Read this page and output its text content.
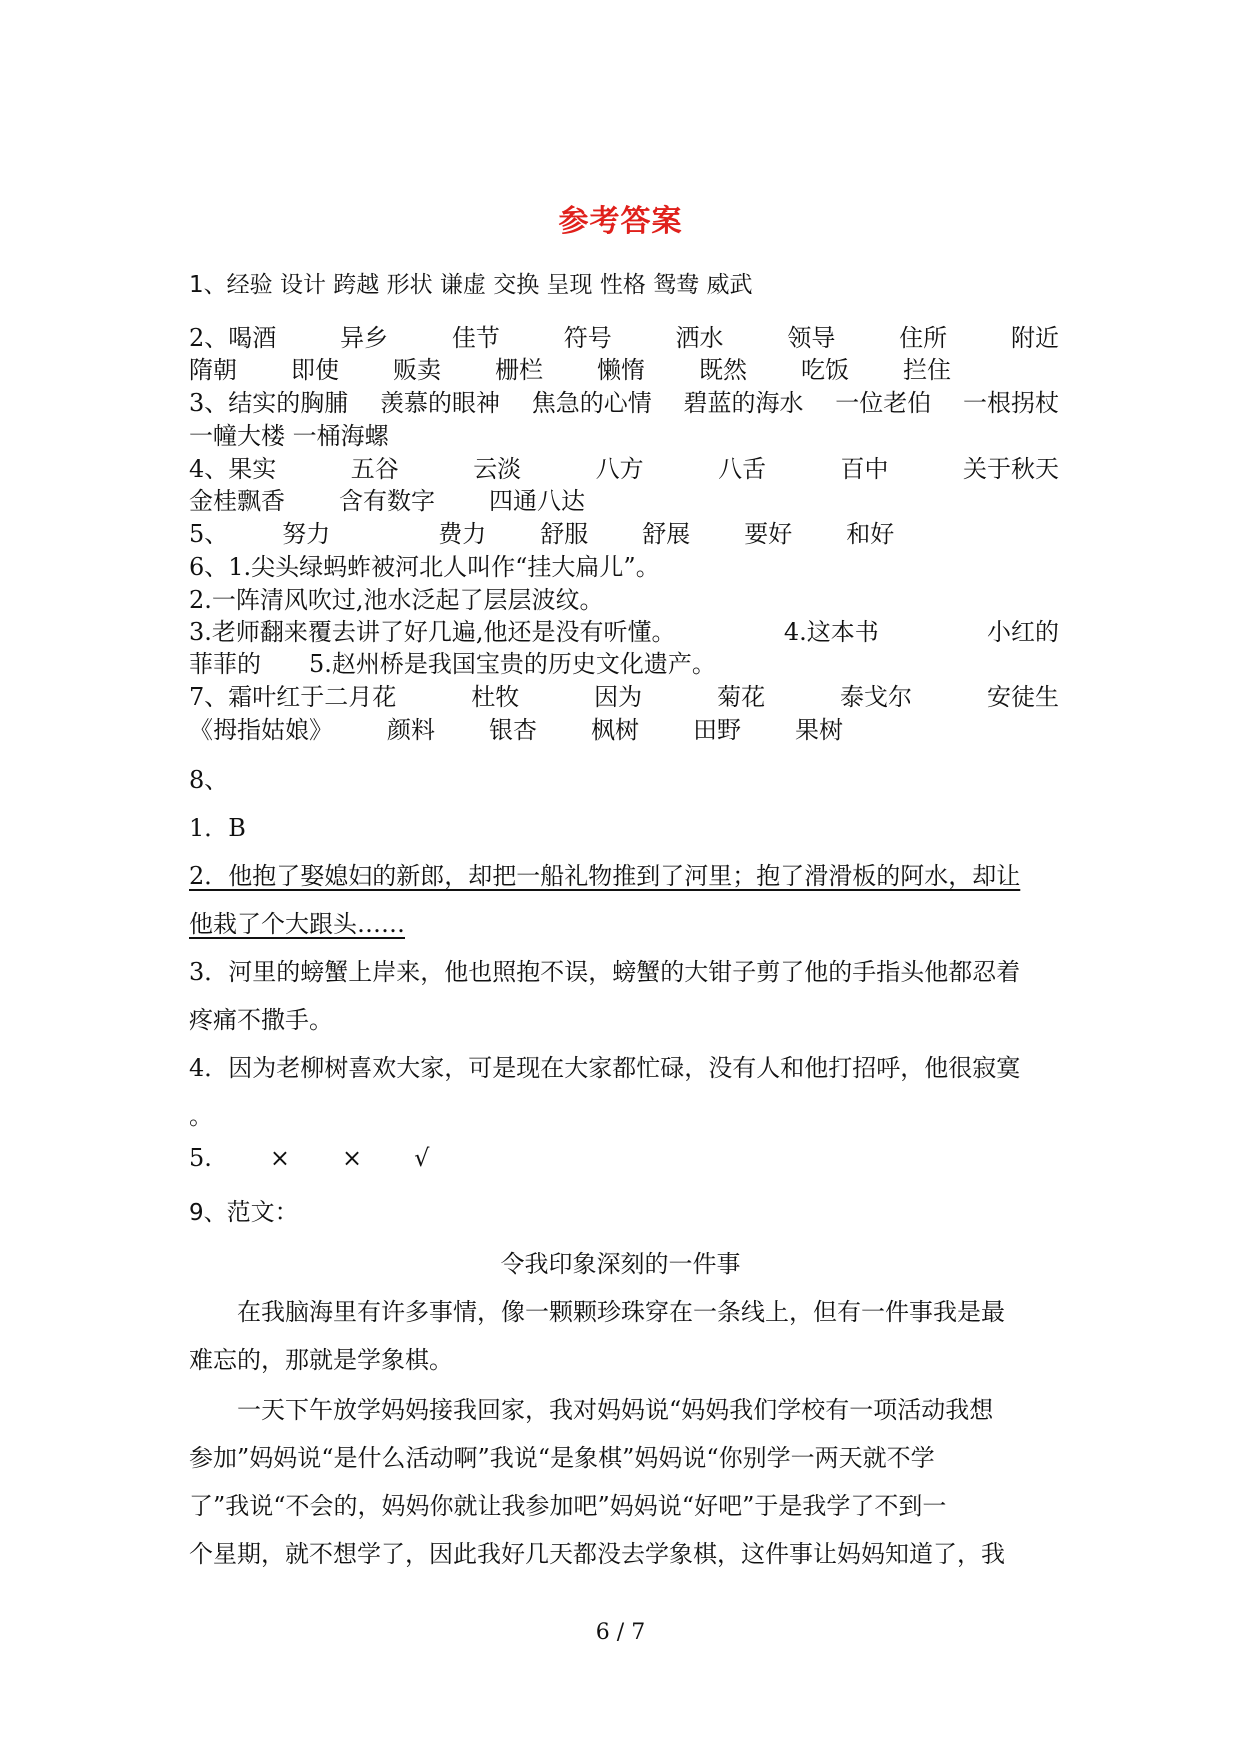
参考答案
1、经验 设计 跨越 形状 谦虚 交换 呈现 性格 鸳鸯 威武
2、喝酒	异乡	佳节	符号	洒水	领导	住所	附近
隋朝 即使 贩卖 栅栏 懒惰 既然 吃饭 拦住
3、结实的胸脯 羡慕的眼神 焦急的心情 碧蓝的海水 一位老伯 一根拐杖
一幢大楼 一桶海螺
4、果实	五谷	云淡	八方	八舌	百中	关于秋天
金桂飘香 含有数字 四通八达
5、 努力	费力 舒服 舒展 要好 和好
6、1.尖头绿蚂蚱被河北人叫作“挂大扁儿”。
2.一阵清风吹过,池水泛起了层层波纹。
3.老师翻来覆去讲了好几遍,他还是没有听懂。	4.这本书	小红的
菲菲的 5.赵州桥是我国宝贵的历史文化遗产。
7、霜叶红于二月花	杜牧	因为	菊花	泰戈尔	安徒生
《拇指姑娘》 颜料 银杏 枫树 田野 果树
8、
1．B
2．他抱了娶媳妇的新郎，却把一船礼物推到了河里；抱了滑滑板的阿水，却让
他栽了个大跟头……
3．河里的螃蟹上岸来，他也照抱不误，螃蟹的大钳子剪了他的手指头他都忍着
疼痛不撒手。
4．因为老柳树喜欢大家，可是现在大家都忙碌，没有人和他打招呼，他很寂寞
。
5. × × √
9、范文：
令我印象深刻的一件事
在我脑海里有许多事情，像一颗颗珍珠穿在一条线上，但有一件事我是最
难忘的，那就是学象棋。
一天下午放学妈妈接我回家，我对妈妈说“妈妈我们学校有一项活动我想
参加”妈妈说“是什么活动啊”我说“是象棋”妈妈说“你别学一两天就不学
了”我说“不会的，妈妈你就让我参加吧”妈妈说“好吧”于是我学了不到一
个星期，就不想学了，因此我好几天都没去学象棋，这件事让妈妈知道了，我
6 / 7
